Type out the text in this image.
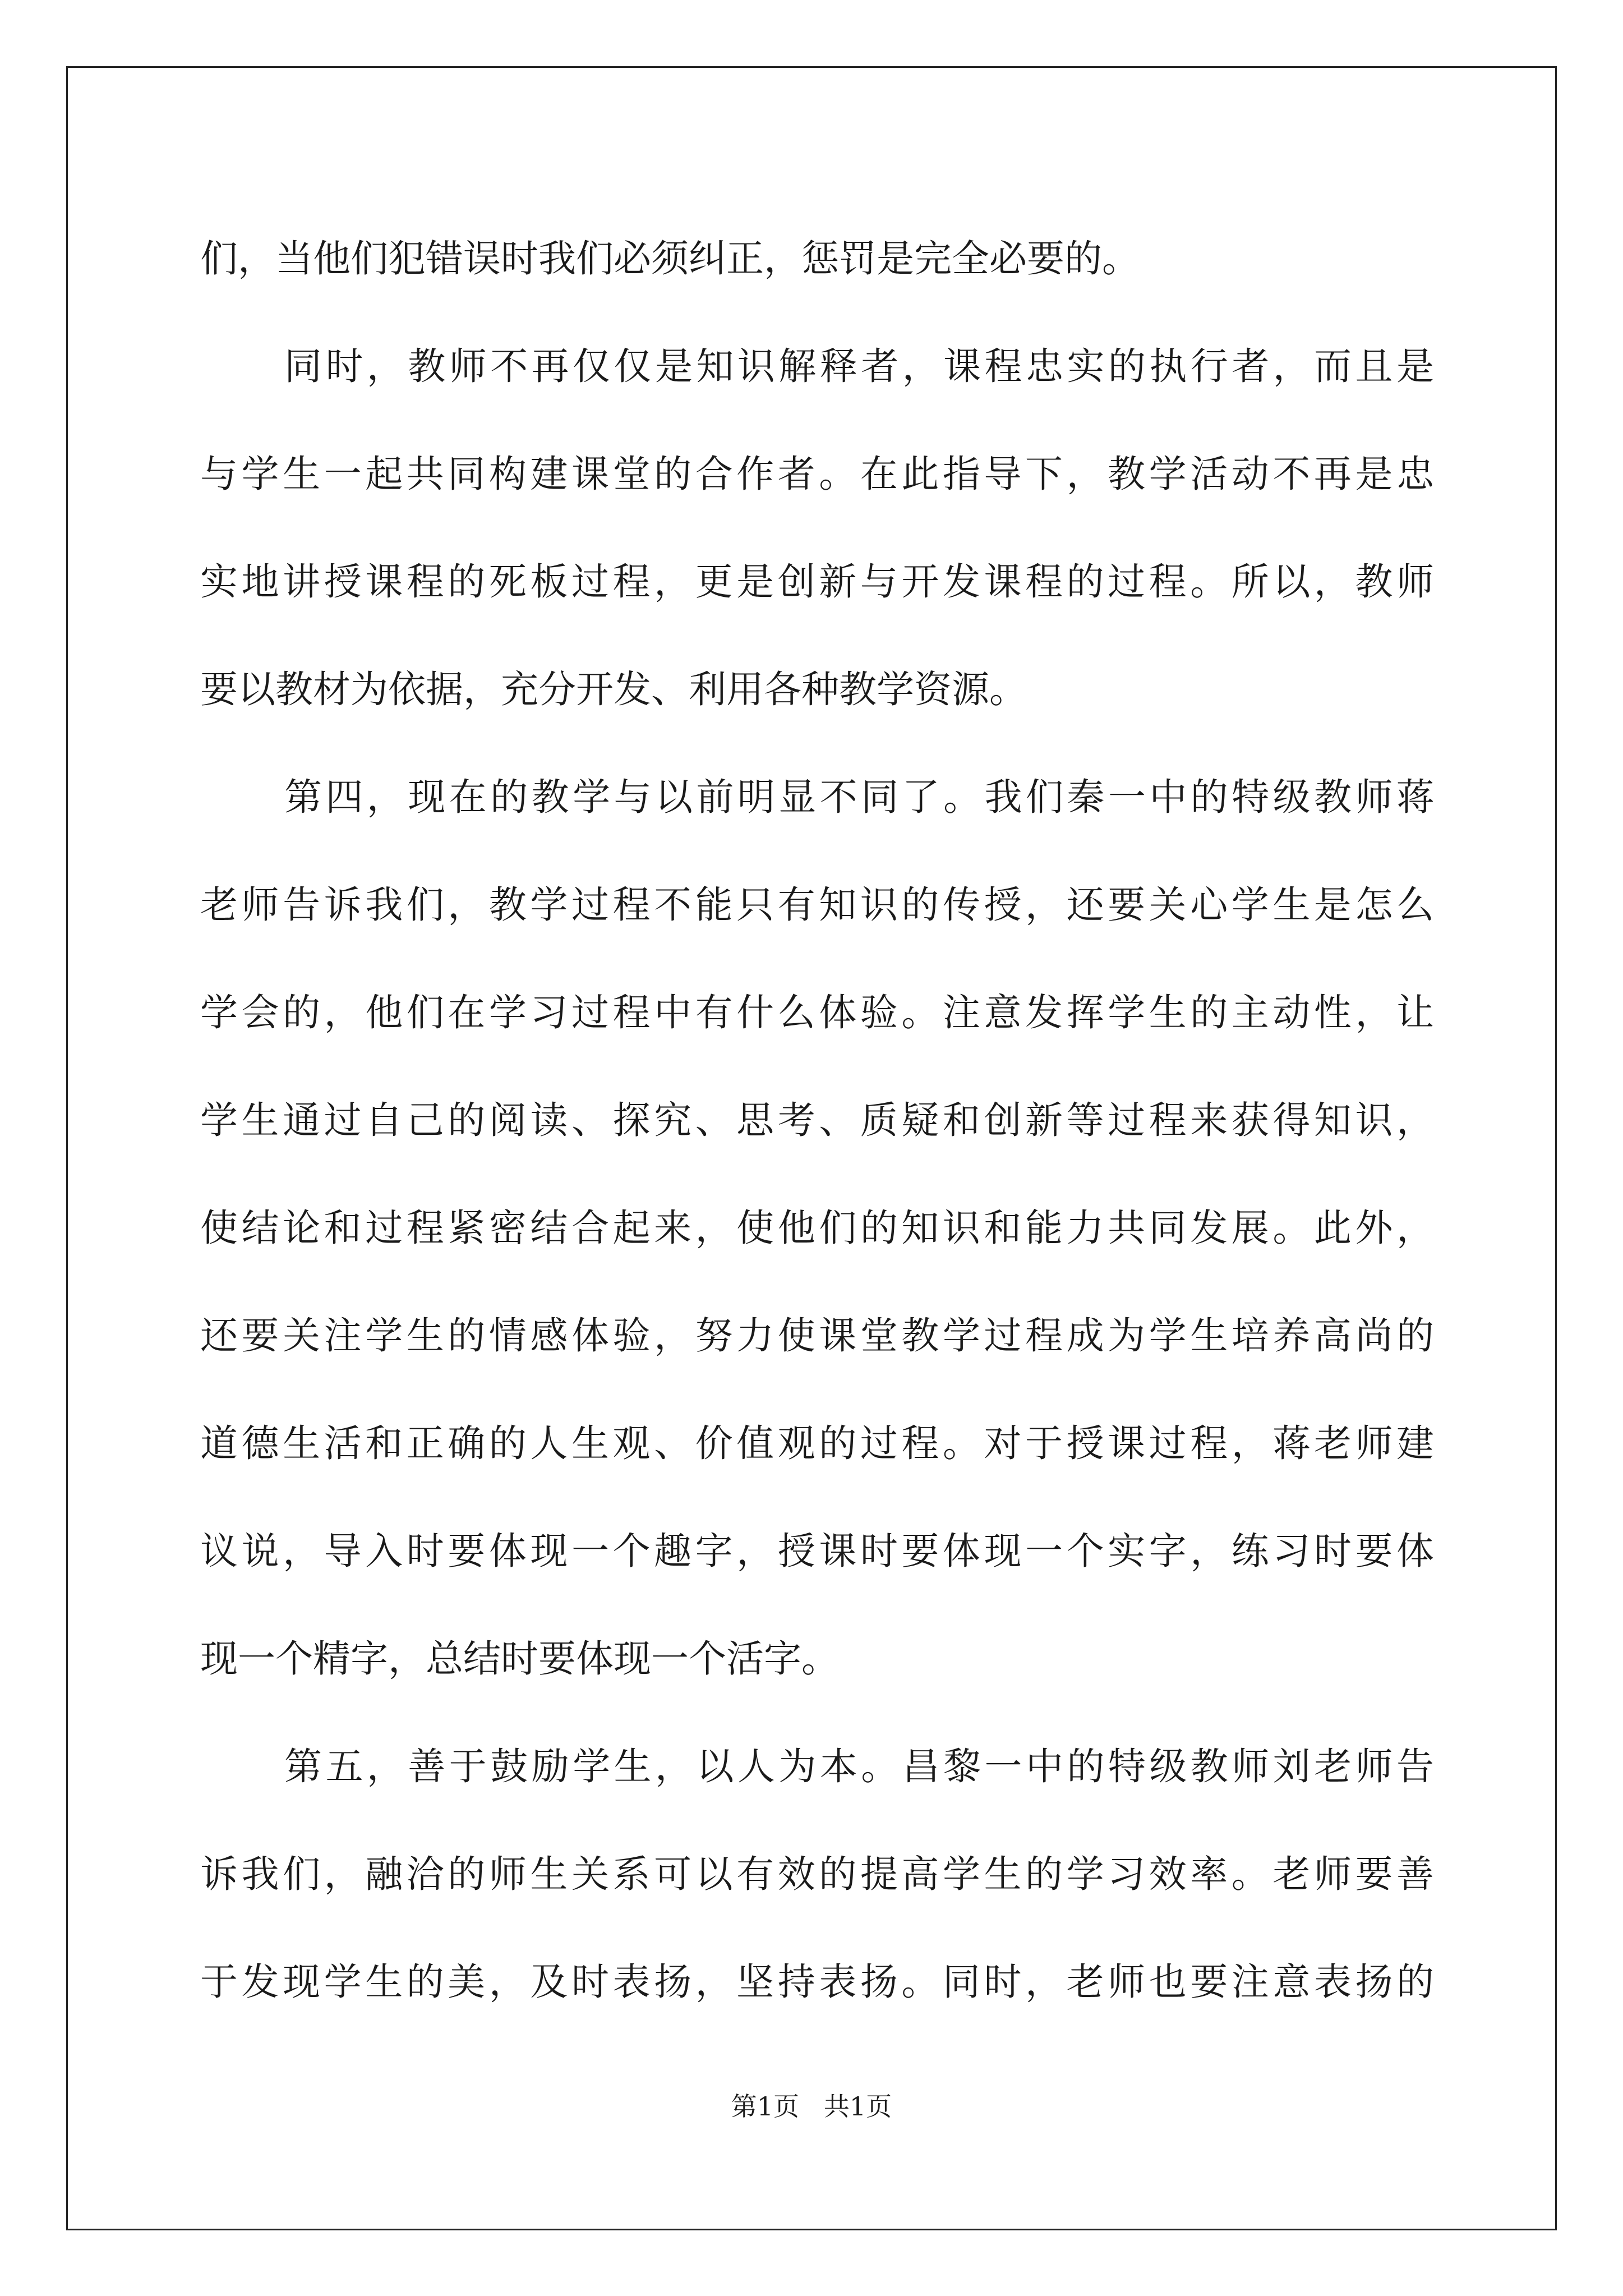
们，当他们犯错误时我们必须纠正，惩罚是完全必要的。
同时，教师不再仅仅是知识解释者，课程忠实的执行者，而且是
与学生一起共同构建课堂的合作者。在此指导下，教学活动不再是忠
实地讲授课程的死板过程，更是创新与开发课程的过程。所以，教师
要以教材为依据，充分开发、利用各种教学资源。
第四，现在的教学与以前明显不同了。我们秦一中的特级教师蒋
老师告诉我们，教学过程不能只有知识的传授，还要关心学生是怎么
学会的，他们在学习过程中有什么体验。注意发挥学生的主动性，让
学生通过自己的阅读、探究、思考、质疑和创新等过程来获得知识，
使结论和过程紧密结合起来，使他们的知识和能力共同发展。此外，
还要关注学生的情感体验，努力使课堂教学过程成为学生培养高尚的
道德生活和正确的人生观、价值观的过程。对于授课过程，蒋老师建
议说，导入时要体现一个趣字，授课时要体现一个实字，练习时要体
现一个精字，总结时要体现一个活字。
第五，善于鼓励学生，以人为本。昌黎一中的特级教师刘老师告
诉我们，融洽的师生关系可以有效的提高学生的学习效率。老师要善
于发现学生的美，及时表扬，坚持表扬。同时，老师也要注意表扬的
第1页   共1页
